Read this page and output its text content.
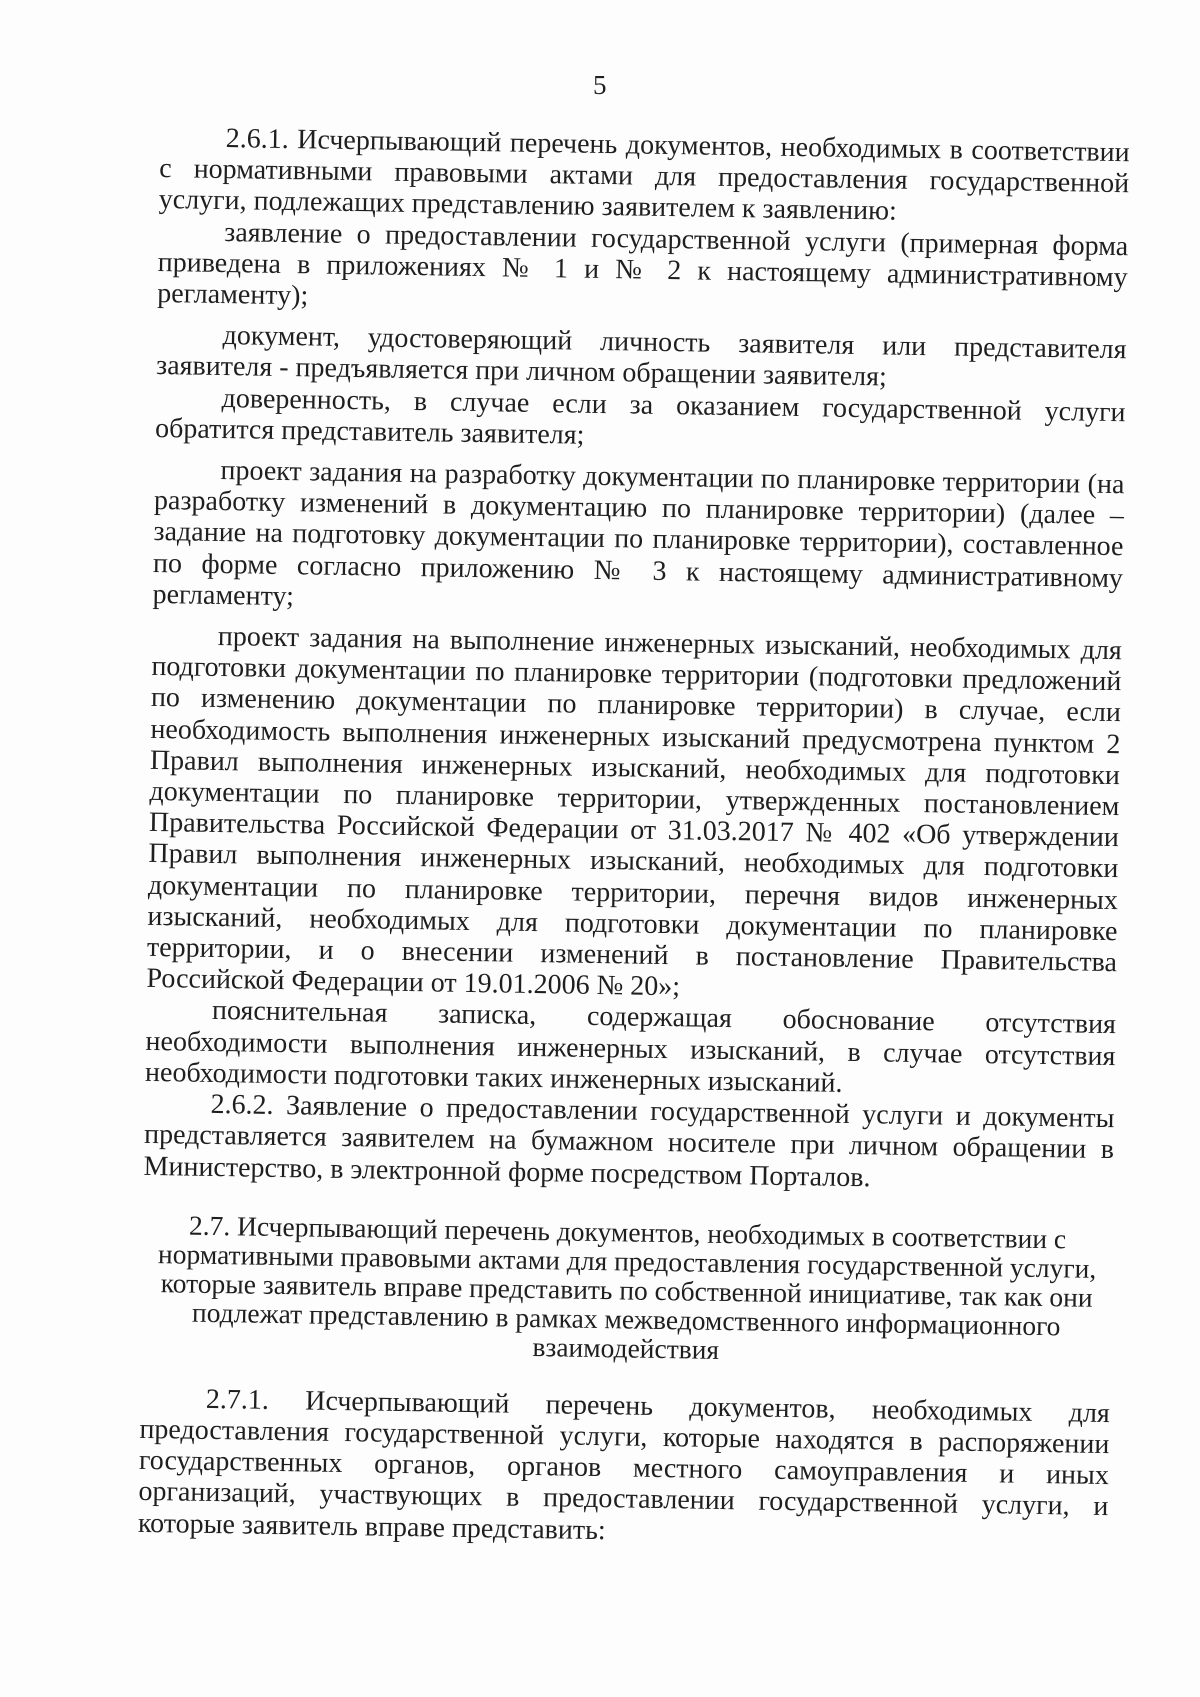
5

2.6.1. Исчерпывающий перечень документов, необходимых в соответствии с нормативными правовыми актами для предоставления государственной услуги, подлежащих представлению заявителем к заявлению:

заявление о предоставлении государственной услуги (примерная форма приведена в приложениях № 1 и № 2 к настоящему административному регламенту);

документ, удостоверяющий личность заявителя или представителя заявителя - предъявляется при личном обращении заявителя;

доверенность, в случае если за оказанием государственной услуги обратится представитель заявителя;

проект задания на разработку документации по планировке территории (на разработку изменений в документацию по планировке территории) (далее – задание на подготовку документации по планировке территории), составленное по форме согласно приложению № 3 к настоящему административному регламенту;

проект задания на выполнение инженерных изысканий, необходимых для подготовки документации по планировке территории (подготовки предложений по изменению документации по планировке территории) в случае, если необходимость выполнения инженерных изысканий предусмотрена пунктом 2 Правил выполнения инженерных изысканий, необходимых для подготовки документации по планировке территории, утвержденных постановлением Правительства Российской Федерации от 31.03.2017 № 402 «Об утверждении Правил выполнения инженерных изысканий, необходимых для подготовки документации по планировке территории, перечня видов инженерных изысканий, необходимых для подготовки документации по планировке территории, и о внесении изменений в постановление Правительства Российской Федерации от 19.01.2006 № 20»;

пояснительная записка, содержащая обоснование отсутствия необходимости выполнения инженерных изысканий, в случае отсутствия необходимости подготовки таких инженерных изысканий.

2.6.2. Заявление о предоставлении государственной услуги и документы представляется заявителем на бумажном носителе при личном обращении в Министерство, в электронной форме посредством Порталов.

2.7. Исчерпывающий перечень документов, необходимых в соответствии с нормативными правовыми актами для предоставления государственной услуги, которые заявитель вправе представить по собственной инициативе, так как они подлежат представлению в рамках межведомственного информационного взаимодействия

2.7.1. Исчерпывающий перечень документов, необходимых для предоставления государственной услуги, которые находятся в распоряжении государственных органов, органов местного самоуправления и иных организаций, участвующих в предоставлении государственной услуги, и которые заявитель вправе представить:
